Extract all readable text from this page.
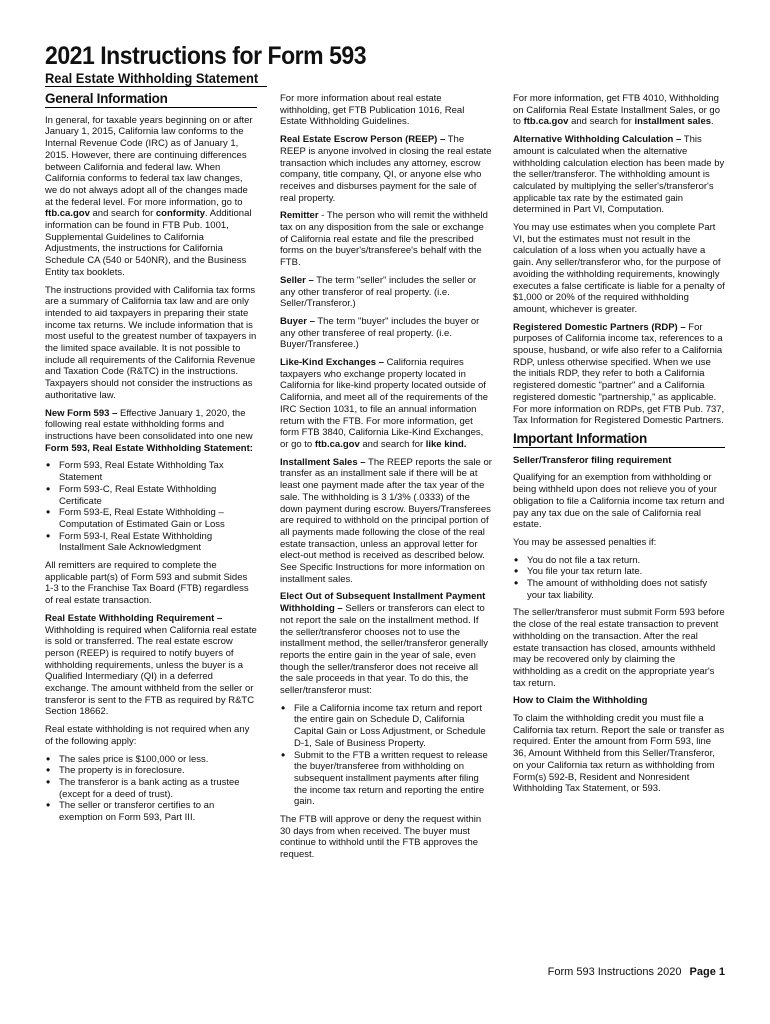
2021 Instructions for Form 593
Real Estate Withholding Statement
General Information

In general, for taxable years beginning on or after January 1, 2015, California law conforms to the Internal Revenue Code (IRC) as of January 1, 2015. However, there are continuing differences between California and federal law. When California conforms to federal tax law changes, we do not always adopt all of the changes made at the federal level. For more information, go to ftb.ca.gov and search for conformity. Additional information can be found in FTB Pub. 1001, Supplemental Guidelines to California Adjustments, the instructions for California Schedule CA (540 or 540NR), and the Business Entity tax booklets.

The instructions provided with California tax forms are a summary of California tax law and are only intended to aid taxpayers in preparing their state income tax returns. We include information that is most useful to the greatest number of taxpayers in the limited space available. It is not possible to include all requirements of the California Revenue and Taxation Code (R&TC) in the instructions. Taxpayers should not consider the instructions as authoritative law.

New Form 593 – Effective January 1, 2020, the following real estate withholding forms and instructions have been consolidated into one new Form 593, Real Estate Withholding Statement:

• Form 593, Real Estate Withholding Tax Statement
• Form 593-C, Real Estate Withholding Certificate
• Form 593-E, Real Estate Withholding – Computation of Estimated Gain or Loss
• Form 593-I, Real Estate Withholding Installment Sale Acknowledgment

All remitters are required to complete the applicable part(s) of Form 593 and submit Sides 1-3 to the Franchise Tax Board (FTB) regardless of real estate transaction.

Real Estate Withholding Requirement – Withholding is required when California real estate is sold or transferred. The real estate escrow person (REEP) is required to notify buyers of withholding requirements, unless the buyer is a Qualified Intermediary (QI) in a deferred exchange. The amount withheld from the seller or transferor is sent to the FTB as required by R&TC Section 18662.

Real estate withholding is not required when any of the following apply:

• The sales price is $100,000 or less.
• The property is in foreclosure.
• The transferor is a bank acting as a trustee (except for a deed of trust).
• The seller or transferor certifies to an exemption on Form 593, Part III.

For more information about real estate withholding, get FTB Publication 1016, Real Estate Withholding Guidelines.

Real Estate Escrow Person (REEP) – The REEP is anyone involved in closing the real estate transaction which includes any attorney, escrow company, title company, QI, or anyone else who receives and disburses payment for the sale of real property.

Remitter - The person who will remit the withheld tax on any disposition from the sale or exchange of California real estate and file the prescribed forms on the buyer's/transferee's behalf with the FTB.

Seller – The term "seller" includes the seller or any other transferor of real property. (i.e. Seller/Transferor.)

Buyer – The term "buyer" includes the buyer or any other transferee of real property. (i.e. Buyer/Transferee.)

Like-Kind Exchanges – California requires taxpayers who exchange property located in California for like-kind property located outside of California, and meet all of the requirements of the IRC Section 1031, to file an annual information return with the FTB. For more information, get form FTB 3840, California Like-Kind Exchanges, or go to ftb.ca.gov and search for like kind.

Installment Sales – The REEP reports the sale or transfer as an installment sale if there will be at least one payment made after the tax year of the sale. The withholding is 3 1/3% (.0333) of the down payment during escrow. Buyers/Transferees are required to withhold on the principal portion of all payments made following the close of the real estate transaction, unless an approval letter for elect-out method is received as described below. See Specific Instructions for more information on installment sales.

Elect Out of Subsequent Installment Payment Withholding – Sellers or transferors can elect to not report the sale on the installment method. If the seller/transferor chooses not to use the installment method, the seller/transferor generally reports the entire gain in the year of sale, even though the seller/transferor does not receive all the sale proceeds in that year. To do this, the seller/transferor must:

• File a California income tax return and report the entire gain on Schedule D, California Capital Gain or Loss Adjustment, or Schedule D-1, Sale of Business Property.
• Submit to the FTB a written request to release the buyer/transferee from withholding on subsequent installment payments after filing the income tax return and reporting the entire gain.

The FTB will approve or deny the request within 30 days from when received. The buyer must continue to withhold until the FTB approves the request.

For more information, get FTB 4010, Withholding on California Real Estate Installment Sales, or go to ftb.ca.gov and search for installment sales.

Alternative Withholding Calculation – This amount is calculated when the alternative withholding calculation election has been made by the seller/transferor. The withholding amount is calculated by multiplying the seller's/transferor's applicable tax rate by the estimated gain determined in Part VI, Computation.

You may use estimates when you complete Part VI, but the estimates must not result in the calculation of a loss when you actually have a gain. Any seller/transferor who, for the purpose of avoiding the withholding requirements, knowingly executes a false certificate is liable for a penalty of $1,000 or 20% of the required withholding amount, whichever is greater.

Registered Domestic Partners (RDP) – For purposes of California income tax, references to a spouse, husband, or wife also refer to a California RDP, unless otherwise specified. When we use the initials RDP, they refer to both a California registered domestic "partner" and a California registered domestic "partnership," as applicable. For more information on RDPs, get FTB Pub. 737, Tax Information for Registered Domestic Partners.

Important Information

Seller/Transferor filing requirement

Qualifying for an exemption from withholding or being withheld upon does not relieve you of your obligation to file a California income tax return and pay any tax due on the sale of California real estate.

You may be assessed penalties if:

• You do not file a tax return.
• You file your tax return late.
• The amount of withholding does not satisfy your tax liability.

The seller/transferor must submit Form 593 before the close of the real estate transaction to prevent withholding on the transaction. After the real estate transaction has closed, amounts withheld may be recovered only by claiming the withholding as a credit on the appropriate year's tax return.

How to Claim the Withholding

To claim the withholding credit you must file a California tax return. Report the sale or transfer as required. Enter the amount from Form 593, line 36, Amount Withheld from this Seller/Transferor, on your California tax return as withholding from Form(s) 592-B, Resident and Nonresident Withholding Tax Statement, or 593.

Form 593 Instructions 2020 Page 1
